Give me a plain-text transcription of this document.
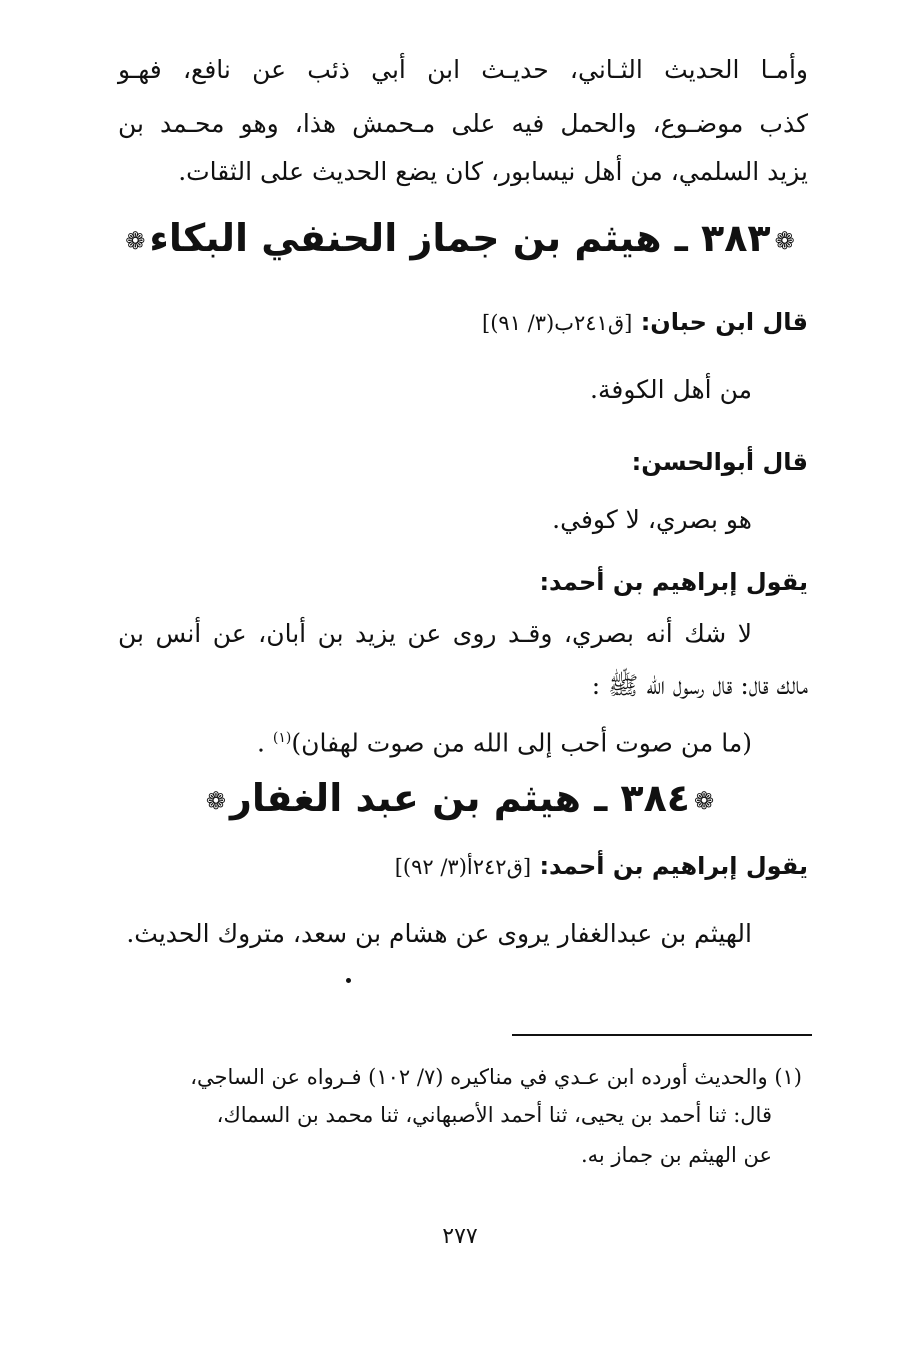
وأمـا الحديث الثـاني، حديـث ابن أبي ذئب عن نافع، فهـو
كذب موضـوع، والحمل فيه على مـحمش هذا، وهو محـمد بن
يزيد السلمي، من أهل نيسابور، كان يضع الحديث على الثقات.
❁۳۸۳ ـ هيثم بن جماز الحنفي البكاء❁
قال ابن حبان: [ق٢٤١ب(٣/ ٩١)]
من أهل الكوفة.
قال أبوالحسن:
هو بصري، لا كوفي.
يقول إبراهيم بن أحمد:
لا شك أنه بصري، وقـد روى عن يزيد بن أبان، عن أنس بن
مالك قال: قال رسول الله ﷺ :
(ما من صوت أحب إلى الله من صوت لهفان)$^{(١)}$ .
❁۳۸٤ ـ هيثم بن عبد الغفار❁
يقول إبراهيم بن أحمد: [ق٢٤٢أ(٣/ ٩٢)]
الهيثم بن عبدالغفار يروى عن هشام بن سعد، متروك الحديث.
(١) والحديث أورده ابن عـدي في مناكيره (٧/ ١٠٢) فـرواه عن الساجي،
قال: ثنا أحمد بن يحيى، ثنا أحمد الأصبهاني، ثنا محمد بن السماك،
عن الهيثم بن جماز به.
۲۷۷
